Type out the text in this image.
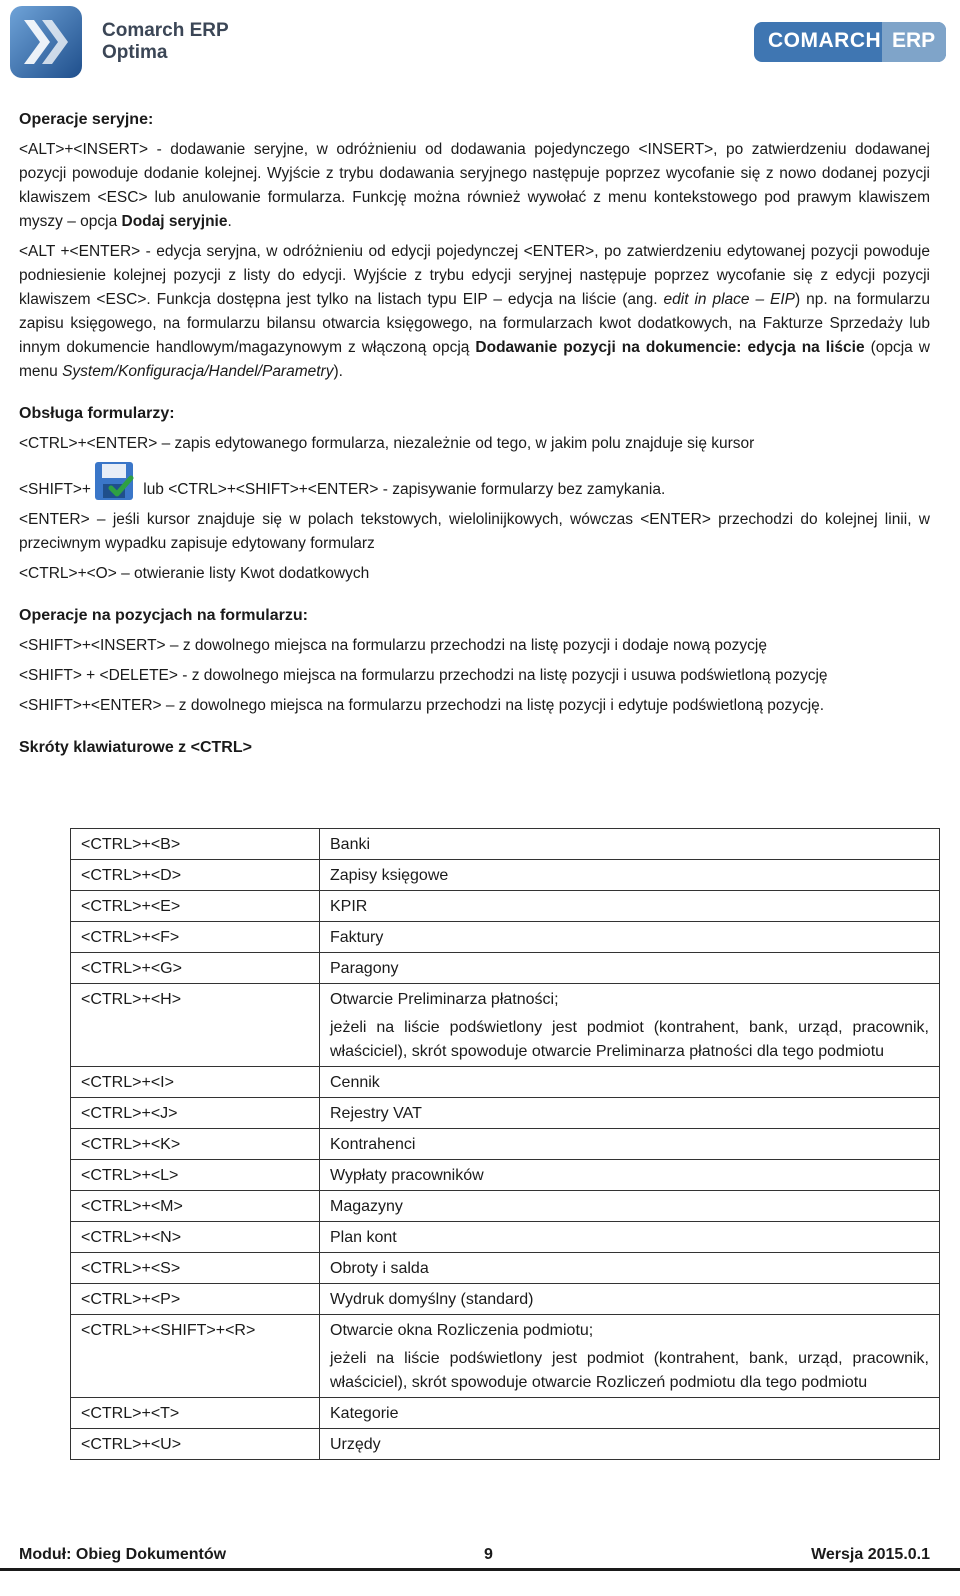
Comarch ERP
Optima
COMARCH ERP
Operacje seryjne:

<ALT>+<INSERT> - dodawanie seryjne, w odróżnieniu od dodawania pojedynczego <INSERT>, po zatwierdzeniu dodawanej pozycji powoduje dodanie kolejnej. Wyjście z trybu dodawania seryjnego następuje poprzez wycofanie się z nowo dodanej pozycji klawiszem <ESC> lub anulowanie formularza. Funkcję można również wywołać z menu kontekstowego pod prawym klawiszem myszy – opcja Dodaj seryjnie.

<ALT +<ENTER> - edycja seryjna, w odróżnieniu od edycji pojedynczej <ENTER>, po zatwierdzeniu edytowanej pozycji powoduje podniesienie kolejnej pozycji z listy do edycji. Wyjście z trybu edycji seryjnej następuje poprzez wycofanie się z edycji pozycji klawiszem <ESC>. Funkcja dostępna jest tylko na listach typu EIP – edycja na liście (ang. edit in place – EIP) np. na formularzu zapisu księgowego, na formularzu bilansu otwarcia księgowego, na formularzach kwot dodatkowych, na Fakturze Sprzedaży lub innym dokumencie handlowym/magazynowym z włączoną opcją Dodawanie pozycji na dokumencie: edycja na liście (opcja w menu System/Konfiguracja/Handel/Parametry).

Obsługa formularzy:

<CTRL>+<ENTER> – zapis edytowanego formularza, niezależnie od tego, w jakim polu znajduje się kursor

<SHIFT>+	lub <CTRL>+<SHIFT>+<ENTER> - zapisywanie formularzy bez zamykania.

<ENTER> – jeśli kursor znajduje się w polach tekstowych, wielolinijkowych, wówczas <ENTER> przechodzi do kolejnej linii, w przeciwnym wypadku zapisuje edytowany formularz

<CTRL>+<O> – otwieranie listy Kwot dodatkowych

Operacje na pozycjach na formularzu:

<SHIFT>+<INSERT> – z dowolnego miejsca na formularzu przechodzi na listę pozycji i dodaje nową pozycję

<SHIFT> + <DELETE> - z dowolnego miejsca na formularzu przechodzi na listę pozycji i usuwa podświetloną pozycję

<SHIFT>+<ENTER> – z dowolnego miejsca na formularzu przechodzi na listę pozycji i edytuje podświetloną pozycję.

Skróty klawiaturowe z <CTRL>
<CTRL>+<B>	Banki

<CTRL>+<D>	Zapisy księgowe

<CTRL>+<E>	KPIR

<CTRL>+<F>	Faktury

<CTRL>+<G>	Paragony

<CTRL>+<H>	Otwarcie Preliminarza płatności;

jeżeli na liście podświetlony jest podmiot (kontrahent, bank, urząd, pracownik, właściciel), skrót spowoduje otwarcie Preliminarza płatności dla tego podmiotu

<CTRL>+<I>	Cennik

<CTRL>+<J>	Rejestry VAT

<CTRL>+<K>	Kontrahenci

<CTRL>+<L>	Wypłaty pracowników

<CTRL>+<M>	Magazyny

<CTRL>+<N>	Plan kont

<CTRL>+<S>	Obroty i salda

<CTRL>+<P>	Wydruk domyślny (standard)

<CTRL>+<SHIFT>+<R>	Otwarcie okna Rozliczenia podmiotu;

jeżeli na liście podświetlony jest podmiot (kontrahent, bank, urząd, pracownik, właściciel), skrót spowoduje otwarcie Rozliczeń podmiotu dla tego podmiotu

<CTRL>+<T>	Kategorie

<CTRL>+<U>	Urzędy

Moduł: Obieg Dokumentów	9	Wersja 2015.0.1
